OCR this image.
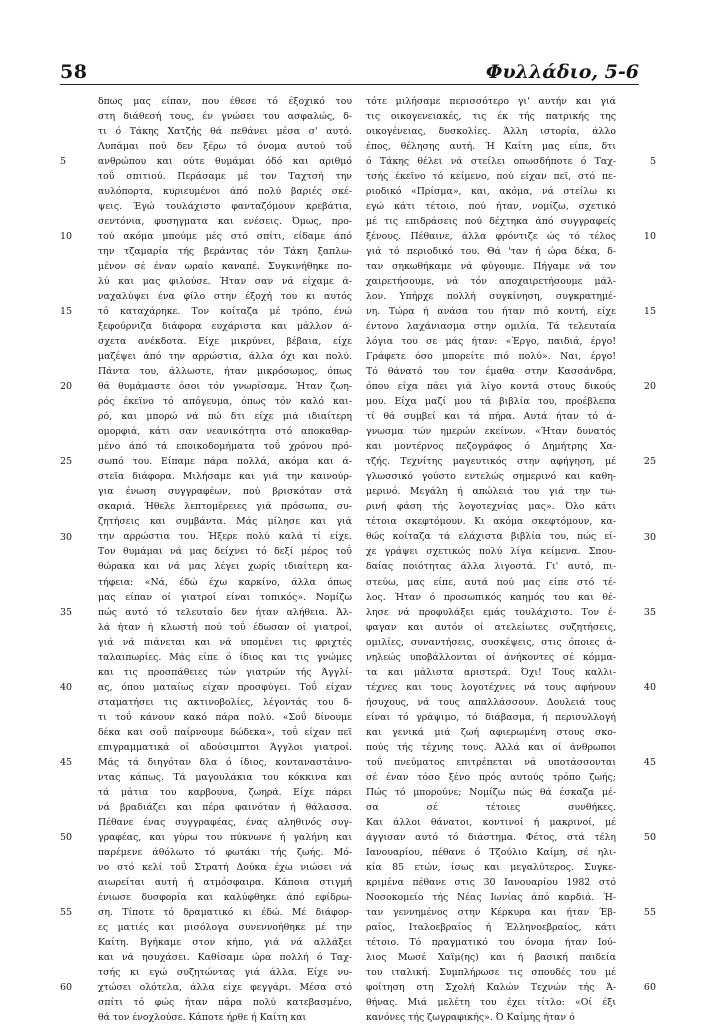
58	Φυλλάδιο, 5-6
5
10
15
20
25
30
35
40
45
50
55
60
δπως μας είπαν, που έθεσε τό έξοχικό του
στη διάθεσή τους, έν γνώσει του ασφαλώς, δ-
τι ό Τάκης Χατζής θά πεθάνει μέσα σ' αυτό.
Λυπάμαι πού δεν ξέρω τό όνομα αυτού τοΰ
ανθρώπου και ούτε θυμάμαι όδό και αριθμό
τοΰ σπιτιού. Περάσαμε μέ τον Ταχτσή την
αυλόπορτα, κυριευμένοι άπό πολύ βαριές σκέ-
ψεις. Έγώ τουλάχιστο φανταζόμουν κρεβάτια,
σεντόνια, φυσηγματα και ενέσεις. Όμως, προ-
τού ακόμα μπούμε μές στό σπίτι, είδαμε άπό
την τζαμαρία τής βεράντας τόν Τάκη ξαπλω-
μένον σέ έναν ωραίο καναπέ. Συγκινήθηκε πο-
λύ και μας φιλούσε. Ήταν σαν νά είχαμε ά-
ναχαλύψει ένα φίλο στην έξοχή του κι αυτός
τό καταχάρηκε. Τον κοίταζα μέ τρόπο, ένώ
ξεφούρνιζα διάφορα ευχάριστα και μάλλον ά-
σχετα ανέκδοτα. Είχε μικρύνει, βέβαια, είχε
μαζέψει άπό την αρρώστια, άλλα όχι και πολύ.
Πάντα του, άλλωστε, ήταν μικρόσωμος, όπως
θά θυμάμαστε όσοι τόν γνωρίσαμε. Ήταν ζωη-
ρός έκεϊνο τό απόγευμα, όπως τόν καλό και-
ρό, και μπορώ νά πώ δτι είχε μιά ιδιαίτερη
ομορφιά, κάτι σαν νεανικότητα στό αποκαθαρ-
μένο άπό τά εποικοδομήματα τοΰ χρόνου πρό-
σωπό του. Είπαμε πάρα πολλά, ακόμα και ά-
στεϊα διάφορα. Μιλήσαμε και γιά την καινούρ-
για ένωση συγγραφέων, πού βρισκόταν στά
σκαριά. Ήθελε λεπτομέρειες γιά πρόσωπα, συ-
ζητήσεις και συμβάντα. Μάς μίλησε και γιά
την αρρώστια του. Ήξερε πολύ καλά τί είχε.
Τον θυμάμαι νά μας δείχνει τό δεξί μέρος τοΰ
θώρακα και νά μας λέγει χωρίς ιδιαίτερη κα-
τήφεια: «Νά, έδώ έχω καρκίνο, άλλα όπως
μας είπαν οί γιατροί είναι τοπικός». Νομίζω
πώς αυτό τό τελευταίο δεν ήταν αλήθεια. Άλ-
λά ήταν ή κλωστή πού τοΰ έδωσαν οί γιατροί,
γιά νά πιάνεται και νά υπομένει τις φριχτές
ταλαιπωρίες. Μάς είπε ό ίδιος και τις γνώμες
και τις προσπάθειες τών γιατρών τής Άγγλί-
ας, όπου ματαίως είχαν προσφύγει. Τοΰ είχαν
σταματήσει τις ακτινοβολίες, λέγοντάς του δ-
τι τοΰ κάνουν κακό πάρα πολύ. «Σοΰ δίνουμε
δέκα και σοΰ παίρνουμε δώδεκα», τοΰ είχαν πεϊ
επιγραμματικά οί αδούσιμπτοι Άγγλοι γιατροί.
Μάς τά διηγόταν δλα ό ίδιος, κονταναστάινο-
ντας κάπως. Τά μαγουλάκια του κόκκινα και
τά μάτια του καρβουνα, ζωηρά. Είχε πάρει
νά βραδιάζει και πέρα φαινόταν ή θάλασσα.
Πέθανε ένας συγγραφέας, ένας αληθινός συγ-
γραφέας, και γύρω του πύκνωνε ή γαλήνη και
παρέμενε άθόλωτο τό φωτάκι τής ζωής. Μό-
νο στό κελί τοΰ Στρατή Δούκα έχω νιώσει νά
αιωρείται αυτή ή ατμόσφαιρα. Κάποια στιγμή
ένιωσε δυσφορία και καλύφθηκε άπό εφίδρω-
ση. Τίποτε τό δραματικό κι έδώ. Μέ διάφορ-
ες ματιές και μισόλογα συνεννοήθηκε μέ την
Καίτη. Βγήκαμε στον κήπο, γιά νά αλλάξει
και νά ησυχάσει. Καθίσαμε ώρα πολλή ό Ταχ-
τσής κι εγώ συζητώντας γιά άλλα. Είχε νυ-
χτώσει ολότελα, άλλα είχε φεγγάρι. Μέσα στό
σπίτι τό φώς ήταν πάρα πολύ κατεβασμένο,
θά τον ένοχλούσε. Κάποτε ήρθε ή Καίτη και
τότε μιλήσαμε περισσότερο γι' αυτήν και γιά
τις οικογενειακές, τις έκ τής πατρικής της
οικογένειας, δυσκολίες. Άλλη ιστορία, άλλο
έπος, θέλησης αυτή. Ή Καίτη μας είπε, δτι
ό Τάκης θέλει νά στείλει οπωσδήποτε ό Ταχ-
τσής έκεϊνο τό κείμενο, πού είχαν πεϊ, στό πε-
ριοδικό «Πρίσμα», και, ακόμα, νά στείλω κι
εγώ κάτι τέτοιο, πού ήταν, νομίζω, σχετικό
μέ τις επιδράσεις πού δέχτηκα άπό συγγραφείς
ξένους. Πέθαινε, άλλα φρόντιζε ώς τό τέλος
γιά τό περιοδικό του. Θά 'ταν ή ώρα δέκα, δ-
ταν σηκωθήκαμε νά φύγουμε. Πήγαμε νά τον
χαιρετήσουμε, νά τόν αποχαιρετήσουμε μάλ-
λον. Υπήρχε πολλή συγκίνηση, συγκρατημέ-
νη. Τώρα ή ανάσα του ήταν πιό κοντή, είχε
έντονο λαχάνιασμα στην ομιλία. Τά τελευταία
λόγια του σε μάς ήταν: «Έργο, παιδιά, έργο!
Γράφετε όσο μπορείτε πιό πολύ». Ναι, έργο!
Τό θάνατό του τον έμαθα στην Κασσάνδρα,
όπου είχα πάει γιά λίγο κοντά στους δικούς
μου. Είχα μαζί μου τά βιβλία του, προέβλεπα
τί θά συμβεί και τά πήρα. Αυτά ήταν τό ά-
γνωσμα τών ημερών εκείνων. «Ήταν δυνατός
και μοντέρνος πεζογράφος ό Δημήτρης Χα-
τζής. Τεχνίτης μαγευτικός στην αφήγηση, μέ
γλωσσικό γούστο εντελώς σημερινό και καθη-
μερινό. Μεγάλη ή απώλειά του γιά την τω-
ρινή φάση τής λογοτεχνίας μας». Όλο κάτι
τέτοια σκεφτόμουν. Κι ακόμα σκεφτόμουν, κα-
θώς κοίταζα τά ελάχιστα βιβλία του, πώς εί-
χε γράψει σχετικώς πολύ λίγα κείμενα. Σπου-
δαίας ποιότητας άλλα λιγοστά. Γι' αυτό, πι-
στεύω, μας είπε, αυτά πού μας είπε στό τέ-
λος. Ήταν ό προσωπικός καημός του και θέ-
λησε νά προφυλάξει εμάς τουλάχιστο. Τον έ-
φαγαν και αυτόν οί ατελείωτες συζητήσεις,
ομιλίες, συναντήσεις, συσκέψεις, στις όποιες ά-
νηλεώς υποβάλλονται οί άνήκοντες σέ κόμμα-
τα και μάλιστα αριστερά. Όχι! Τους καλλι-
τέχνες και τους λογοτέχνες νά τους αφήνουν
ήσυχους, νά τους απαλλάσσουν. Δουλειά τους
είναι τό γράψιμο, τό διάβασμα, ή περισυλλογή
και γενικά μιά ζωή αφιερωμένη στους σκο-
πούς τής τέχνης τους. Άλλά και οί άνθρωποι
τοΰ πνεύματος επιτρέπεται νά υποτάσσονται
σέ έναν τόσο ξένο πρός αυτούς τρόπο ζωής;
Πώς τό μπορούνε; Νομίζω πώς θά έσκαζα μέ-
σα σέ τέτοιες συνθήκες.
Και άλλοι θάνατοι, κοντινοί ή μακρινοί, μέ
άγγισαν αυτό τό διάστημα. Φέτος, στά τέλη
Ιανουαρίου, πέθανε ό Τζούλιο Καίμη, σέ ηλι-
κία 85 ετών, ίσως και μεγαλύτερος. Συγκε-
κριμένα πέθανε στις 30 Ιανουαρίου 1982 στό
Νοσοκομείο τής Νέας Ιωνίας άπό καρδιά. Ή-
ταν γεννημένος στην Κέρκυρα και ήταν Έβ-
ραίος, Ιταλοεβραίος ή Έλληνοεβραίος, κάτι
τέτοιο. Τό πραγματικό του όνομα ήταν Ιού-
λιος Μωσέ Χαϊμ(ης) και ή βασική παιδεία
του ιταλική. Συμπλήρωσε τις σπουδές του μέ
φοίτηση στη Σχολή Καλών Τεχνών τής Ά-
θήνας. Μιά μελέτη του έχει τίτλο: «Οί έξι
κανόνες τής ζωγραφικής». Ό Καίμης ήταν ό
5
10
15
20
25
30
35
40
45
50
55
60
